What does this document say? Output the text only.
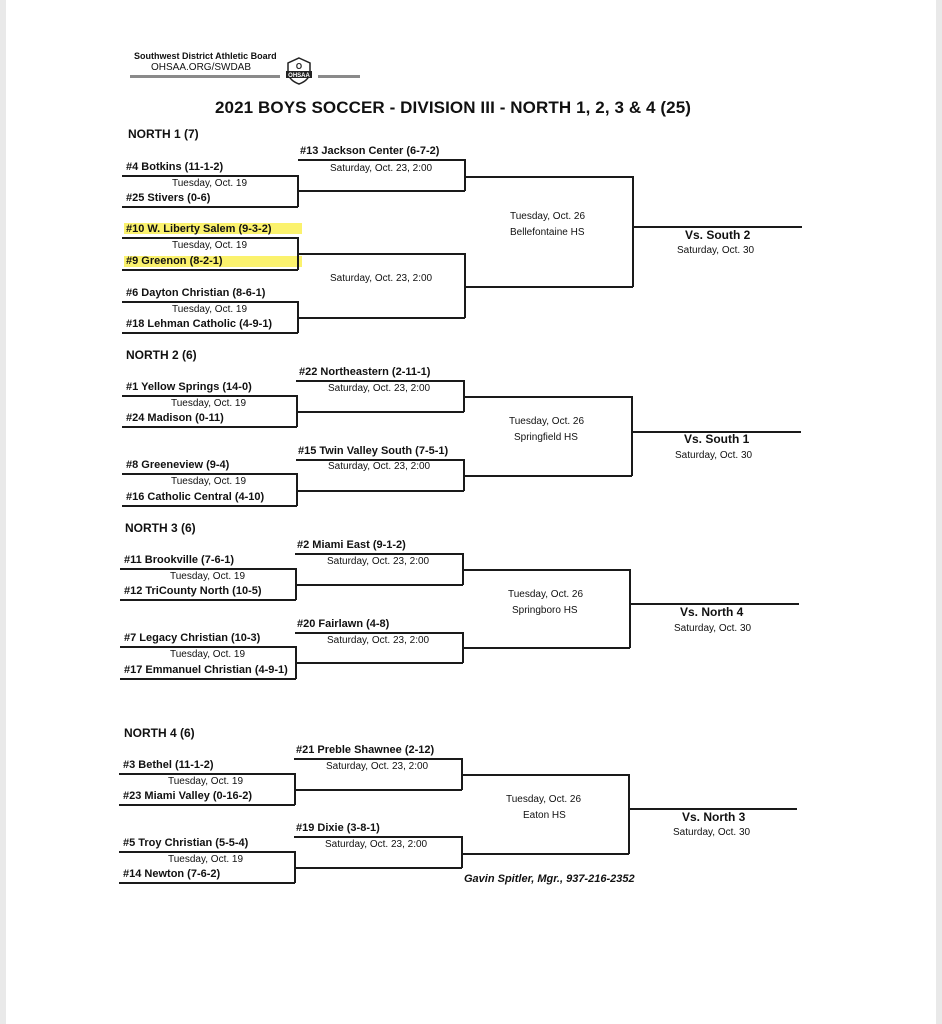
Southwest District Athletic Board
OHSAA.ORG/SWDAB
OHSAA
O
2021 BOYS SOCCER - DIVISION III - NORTH 1, 2, 3 & 4 (25)
NORTH 1 (7)
#13 Jackson Center (6-7-2)
Saturday, Oct. 23, 2:00
#4 Botkins (11-1-2)
Tuesday, Oct. 19
#25 Stivers (0-6)
#10 W. Liberty Salem (9-3-2)
Tuesday, Oct. 19
#9 Greenon (8-2-1)
Saturday, Oct. 23, 2:00
#6 Dayton Christian (8-6-1)
Tuesday, Oct. 19
#18 Lehman Catholic (4-9-1)
Tuesday, Oct. 26
Bellefontaine HS	Vs. South 2
Saturday, Oct. 30
NORTH 2 (6)
#22 Northeastern (2-11-1)
Saturday, Oct. 23, 2:00
#1 Yellow Springs (14-0)
Tuesday, Oct. 19
#24 Madison (0-11)
#15 Twin Valley South (7-5-1)
Saturday, Oct. 23, 2:00
#8 Greeneview (9-4)
Tuesday, Oct. 19
#16 Catholic Central (4-10)
Tuesday, Oct. 26
Springfield HS	Vs. South 1
Saturday, Oct. 30
NORTH 3 (6)
#2 Miami East (9-1-2)
Saturday, Oct. 23, 2:00
#11 Brookville (7-6-1)
Tuesday, Oct. 19
#12 TriCounty North (10-5)
#20 Fairlawn (4-8)
Saturday, Oct. 23, 2:00
#7 Legacy Christian (10-3)
Tuesday, Oct. 19
#17 Emmanuel Christian (4-9-1)
Tuesday, Oct. 26
Springboro HS	Vs. North 4
Saturday, Oct. 30
NORTH 4 (6)
#21 Preble Shawnee (2-12)
Saturday, Oct. 23, 2:00
#3 Bethel (11-1-2)
Tuesday, Oct. 19
#23 Miami Valley (0-16-2)
#19 Dixie (3-8-1)
Saturday, Oct. 23, 2:00
#5 Troy Christian (5-5-4)
Tuesday, Oct. 19
#14 Newton (7-6-2)
Tuesday, Oct. 26
Eaton HS	Vs. North 3
Saturday, Oct. 30
Gavin Spitler, Mgr., 937-216-2352
